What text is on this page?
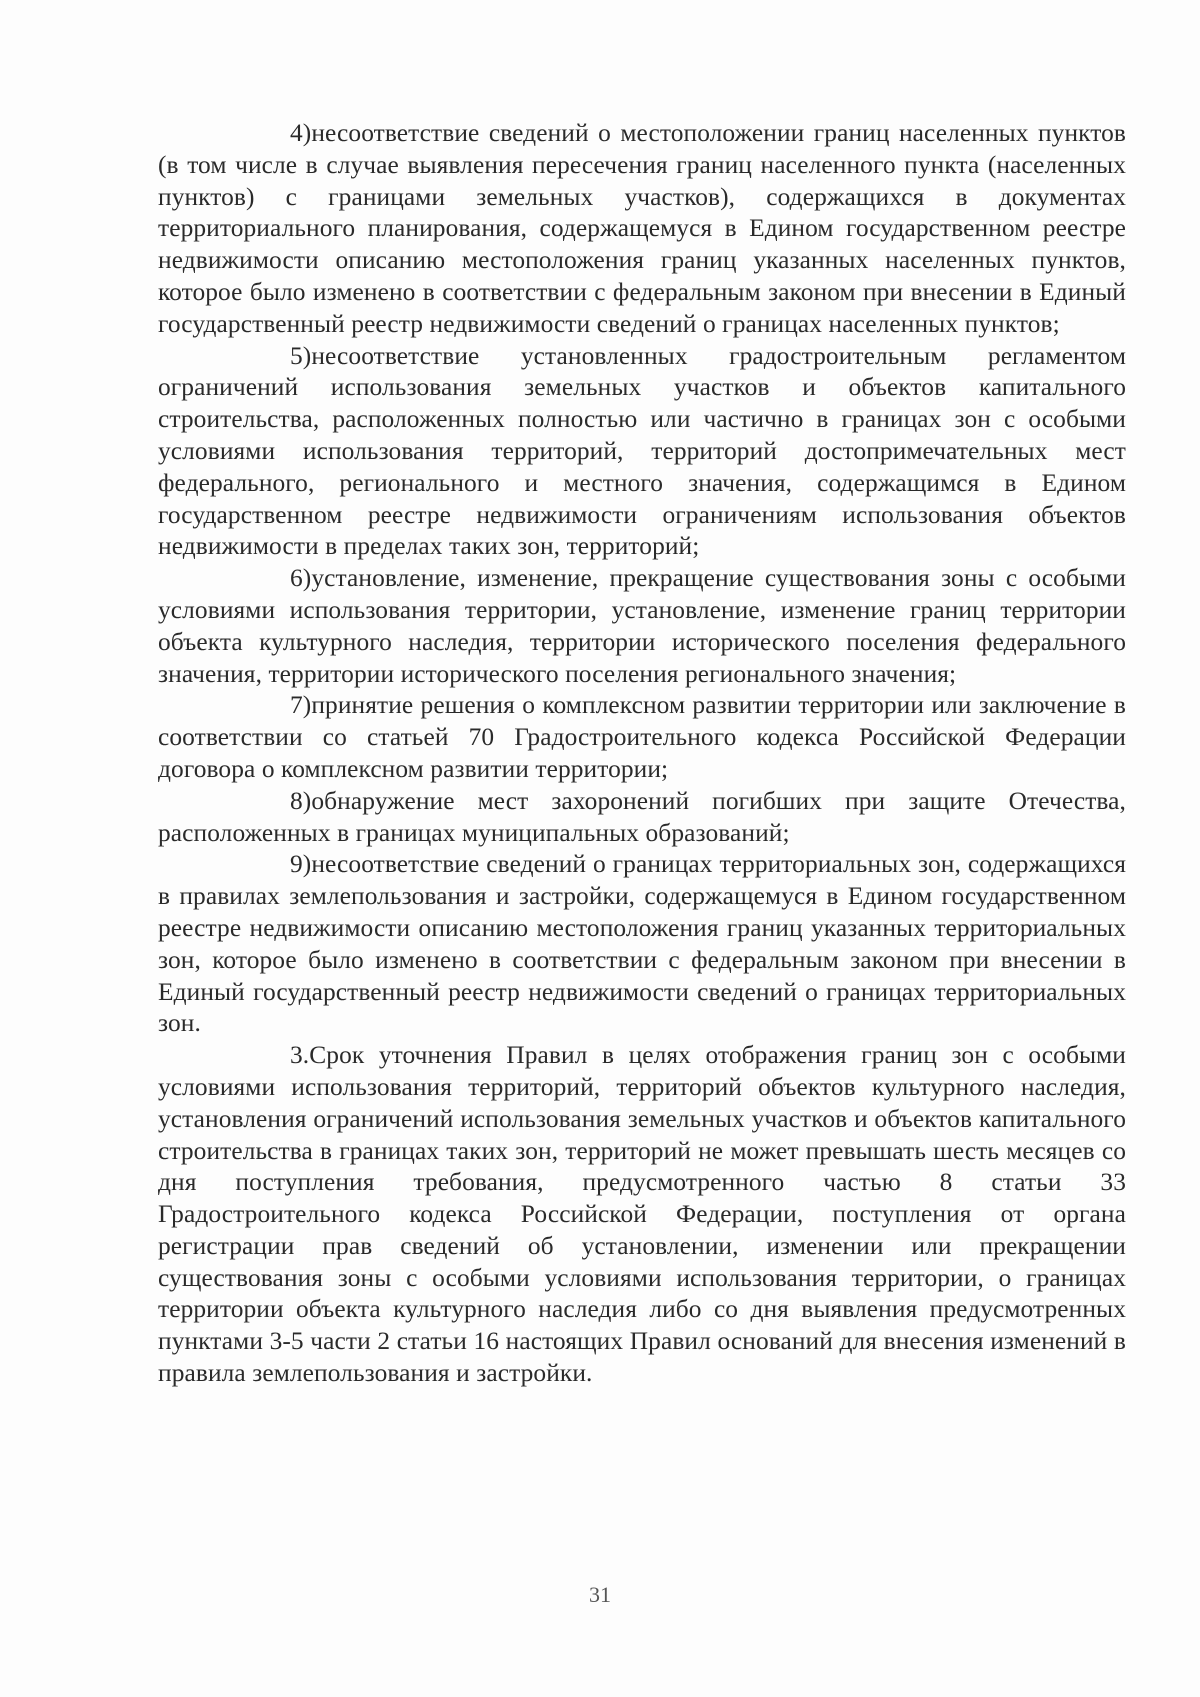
4)несоответствие сведений о местоположении границ населенных пунктов (в том числе в случае выявления пересечения границ населенного пункта (населенных пунктов) с границами земельных участков), содержащихся в документах территориального планирования, содержащемуся в Едином государственном реестре недвижимости описанию местоположения границ указанных населенных пунктов, которое было изменено в соответствии с федеральным законом при внесении в Единый государственный реестр недвижимости сведений о границах населенных пунктов;

5)несоответствие установленных градостроительным регламентом ограничений использования земельных участков и объектов капитального строительства, расположенных полностью или частично в границах зон с особыми условиями использования территорий, территорий достопримечательных мест федерального, регионального и местного значения, содержащимся в Едином государственном реестре недвижимости ограничениям использования объектов недвижимости в пределах таких зон, территорий;

6)установление, изменение, прекращение существования зоны с особыми условиями использования территории, установление, изменение границ территории объекта культурного наследия, территории исторического поселения федерального значения, территории исторического поселения регионального значения;

7)принятие решения о комплексном развитии территории или заключение в соответствии со статьей 70 Градостроительного кодекса Российской Федерации договора о комплексном развитии территории;

8)обнаружение мест захоронений погибших при защите Отечества, расположенных в границах муниципальных образований;

9)несоответствие сведений о границах территориальных зон, содержащихся в правилах землепользования и застройки, содержащемуся в Едином государственном реестре недвижимости описанию местоположения границ указанных территориальных зон, которое было изменено в соответствии с федеральным законом при внесении в Единый государственный реестр недвижимости сведений о границах территориальных зон.

3.Срок уточнения Правил в целях отображения границ зон с особыми условиями использования территорий, территорий объектов культурного наследия, установления ограничений использования земельных участков и объектов капитального строительства в границах таких зон, территорий не может превышать шесть месяцев со дня поступления требования, предусмотренного частью 8 статьи 33 Градостроительного кодекса Российской Федерации, поступления от органа регистрации прав сведений об установлении, изменении или прекращении существования зоны с особыми условиями использования территории, о границах территории объекта культурного наследия либо со дня выявления предусмотренных пунктами 3-5 части 2 статьи 16 настоящих Правил оснований для внесения изменений в правила землепользования и застройки.

31
